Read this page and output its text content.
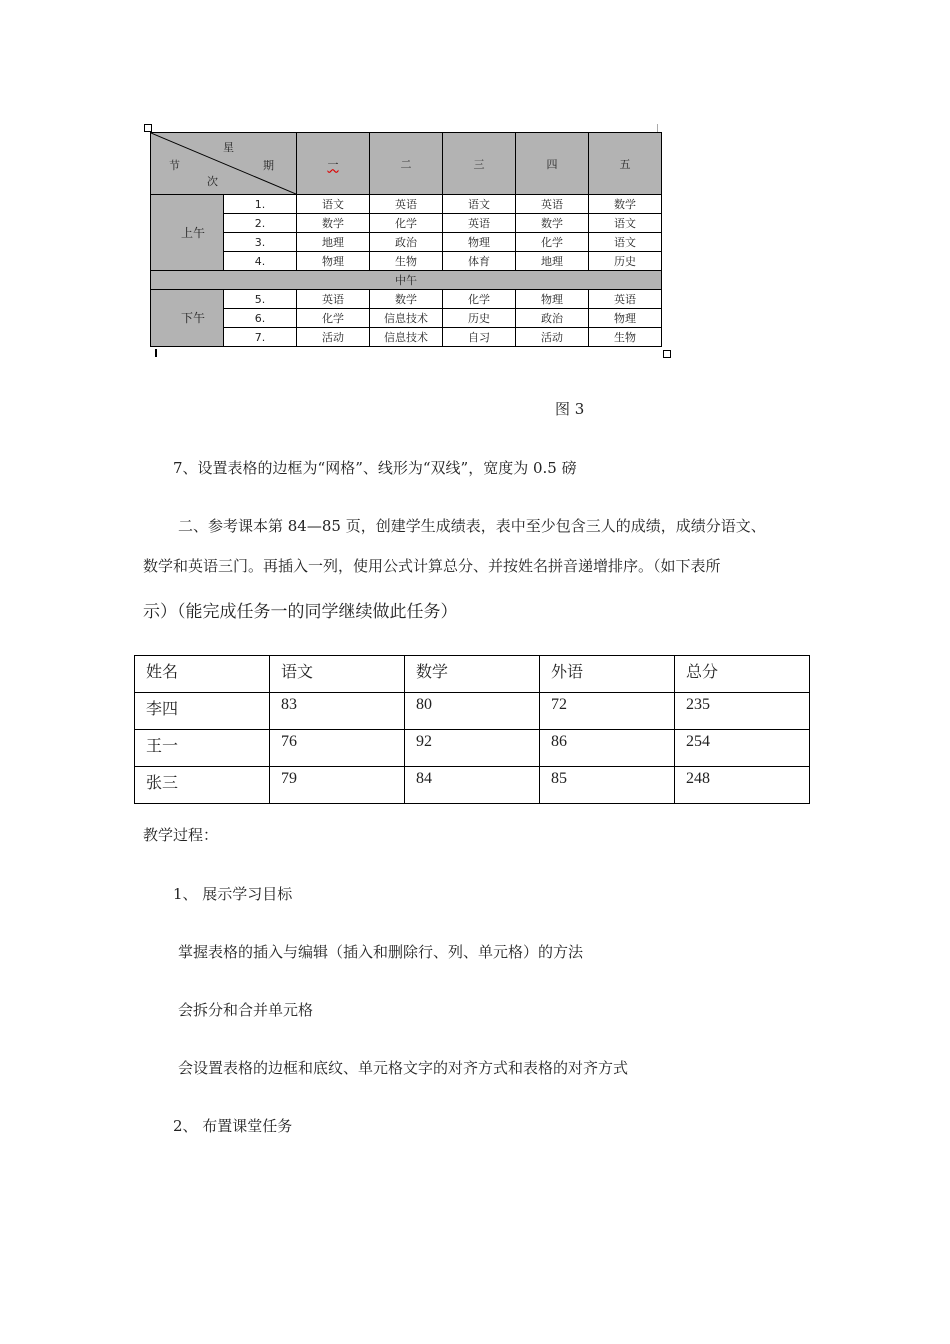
星
节 期
次		一	二	三	四	五
上午	1.	语文	英语	语文	英语	数学
	2.	数学	化学	英语	数学	语文
	3.	地理	政治	物理	化学	语文
	4.	物理	生物	体育	地理	历史
中午						
下午	5.	英语	数学	化学	物理	英语
	6.	化学	信息技术	历史	政治	物理
	7.	活动	信息技术	自习	活动	生物
图 3
7、设置表格的边框为“网格”、线形为“双线”，宽度为 0.5 磅
二、参考课本第 84—85 页，创建学生成绩表，表中至少包含三人的成绩，成绩分语文、
数学和英语三门。再插入一列，使用公式计算总分、并按姓名拼音递增排序。（如下表所
示）（能完成任务一的同学继续做此任务）
姓名	语文	数学	外语	总分
李四	83	80	72	235
王一	76	92	86	254
张三	79	84	85	248
教学过程：
1、 展示学习目标
掌握表格的插入与编辑（插入和删除行、列、单元格）的方法
会拆分和合并单元格
会设置表格的边框和底纹、单元格文字的对齐方式和表格的对齐方式
2、 布置课堂任务
